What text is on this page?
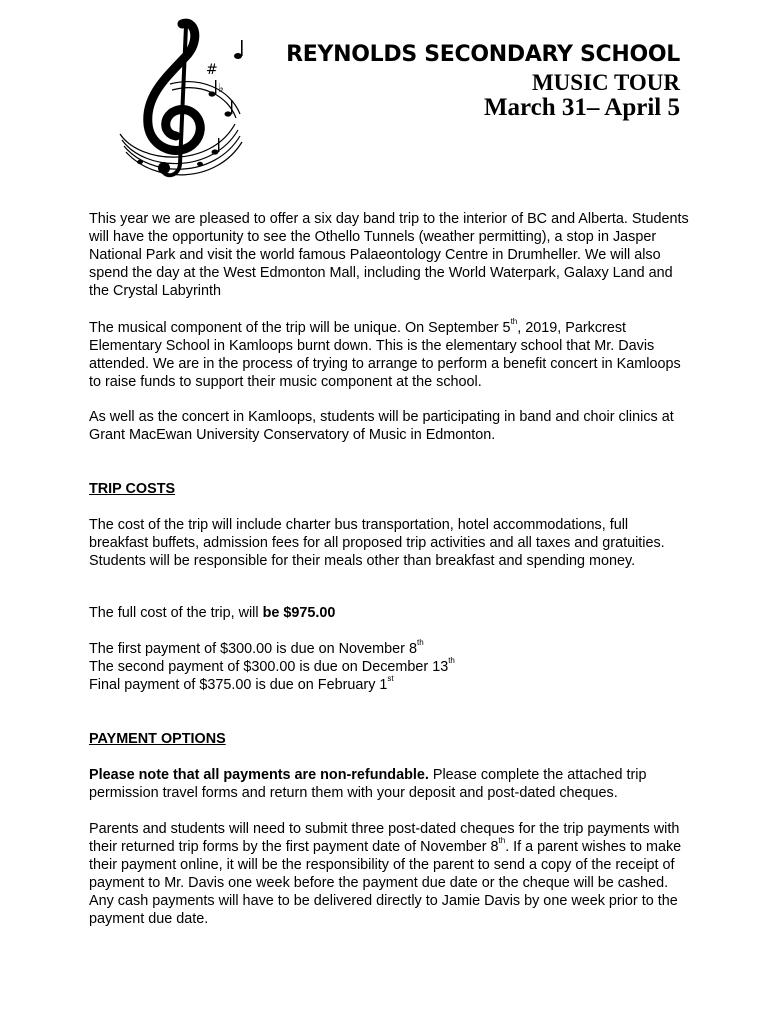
#
♭
REYNOLDS SECONDARY SCHOOL
MUSIC TOUR
March 31– April 5

This year we are pleased to offer a six day band trip to the interior of BC and Alberta. Students will have the opportunity to see the Othello Tunnels (weather permitting), a stop in Jasper National Park and visit the world famous Palaeontology Centre in Drumheller. We will also spend the day at the West Edmonton Mall, including the World Waterpark, Galaxy Land and the Crystal Labyrinth

The musical component of the trip will be unique. On September 5th, 2019, Parkcrest Elementary School in Kamloops burnt down. This is the elementary school that Mr. Davis attended. We are in the process of trying to arrange to perform a benefit concert in Kamloops to raise funds to support their music component at the school.

As well as the concert in Kamloops, students will be participating in band and choir clinics at Grant MacEwan University Conservatory of Music in Edmonton.

TRIP COSTS

The cost of the trip will include charter bus transportation, hotel accommodations, full breakfast buffets, admission fees for all proposed trip activities and all taxes and gratuities. Students will be responsible for their meals other than breakfast and spending money.

The full cost of the trip, will be $975.00

The first payment of $300.00 is due on November 8th
The second payment of $300.00 is due on December 13th
Final payment of $375.00 is due on February 1st
PAYMENT OPTIONS

Please note that all payments are non-refundable. Please complete the attached trip permission travel forms and return them with your deposit and post-dated cheques.

Parents and students will need to submit three post-dated cheques for the trip payments with their returned trip forms by the first payment date of November 8th. If a parent wishes to make their payment online, it will be the responsibility of the parent to send a copy of the receipt of payment to Mr. Davis one week before the payment due date or the cheque will be cashed. Any cash payments will have to be delivered directly to Jamie Davis by one week prior to the payment due date.
